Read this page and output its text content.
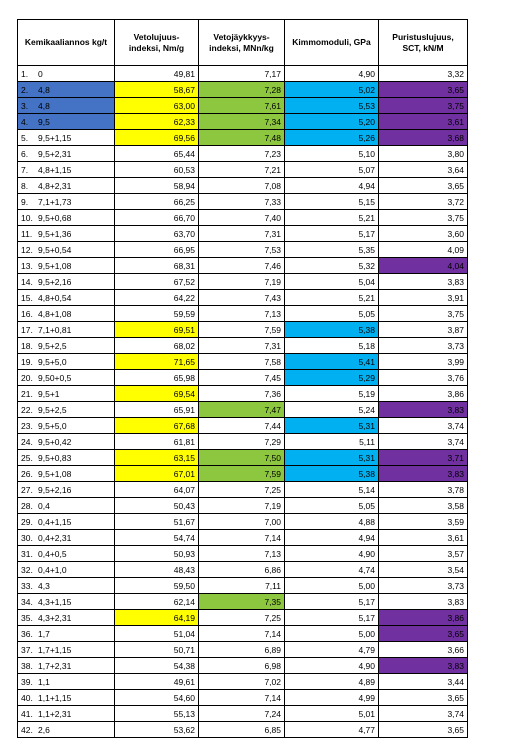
Kemikaaliannos kg/t	Vetolujuus-indeksi, Nm/g	Vetojäykkyys-indeksi, MNn/kg	Kimmomoduli, GPa	Puristuslujuus, SCT, kN/M
1. 0	49,81	7,17	4,90	3,32
2. 4,8	58,67	7,28	5,02	3,65
3. 4,8	63,00	7,61	5,53	3,75
4. 9,5	62,33	7,34	5,20	3,61
5. 9,5+1,15	69,56	7,48	5,26	3,68
6. 9,5+2,31	65,44	7,23	5,10	3,80
7. 4,8+1,15	60,53	7,21	5,07	3,64
8. 4,8+2,31	58,94	7,08	4,94	3,65
9. 7,1+1,73	66,25	7,33	5,15	3,72
10. 9,5+0,68	66,70	7,40	5,21	3,75
11. 9,5+1,36	63,70	7,31	5,17	3,60
12. 9,5+0,54	66,95	7,53	5,35	4,09
13. 9,5+1,08	68,31	7,46	5,32	4,04
14. 9,5+2,16	67,52	7,19	5,04	3,83
15. 4,8+0,54	64,22	7,43	5,21	3,91
16. 4,8+1,08	59,59	7,13	5,05	3,75
17. 7,1+0,81	69,51	7,59	5,38	3,87
18. 9,5+2,5	68,02	7,31	5,18	3,73
19. 9,5+5,0	71,65	7,58	5,41	3,99
20. 9,50+0,5	65,98	7,45	5,29	3,76
21. 9,5+1	69,54	7,36	5,19	3,86
22. 9,5+2,5	65,91	7,47	5,24	3,83
23. 9,5+5,0	67,68	7,44	5,31	3,74
24. 9,5+0,42	61,81	7,29	5,11	3,74
25. 9,5+0,83	63,15	7,50	5,31	3,71
26. 9,5+1,08	67,01	7,59	5,38	3,83
27. 9,5+2,16	64,07	7,25	5,14	3,78
28. 0,4	50,43	7,19	5,05	3,58
29. 0,4+1,15	51,67	7,00	4,88	3,59
30. 0,4+2,31	54,74	7,14	4,94	3,61
31. 0,4+0,5	50,93	7,13	4,90	3,57
32. 0,4+1,0	48,43	6,86	4,74	3,54
33. 4,3	59,50	7,11	5,00	3,73
34. 4,3+1,15	62,14	7,35	5,17	3,83
35. 4,3+2,31	64,19	7,25	5,17	3,86
36. 1,7	51,04	7,14	5,00	3,65
37. 1,7+1,15	50,71	6,89	4,79	3,66
38. 1,7+2,31	54,38	6,98	4,90	3,83
39. 1,1	49,61	7,02	4,89	3,44
40. 1,1+1,15	54,60	7,14	4,99	3,65
41. 1,1+2,31	55,13	7,24	5,01	3,74
42. 2,6	53,62	6,85	4,77	3,65
